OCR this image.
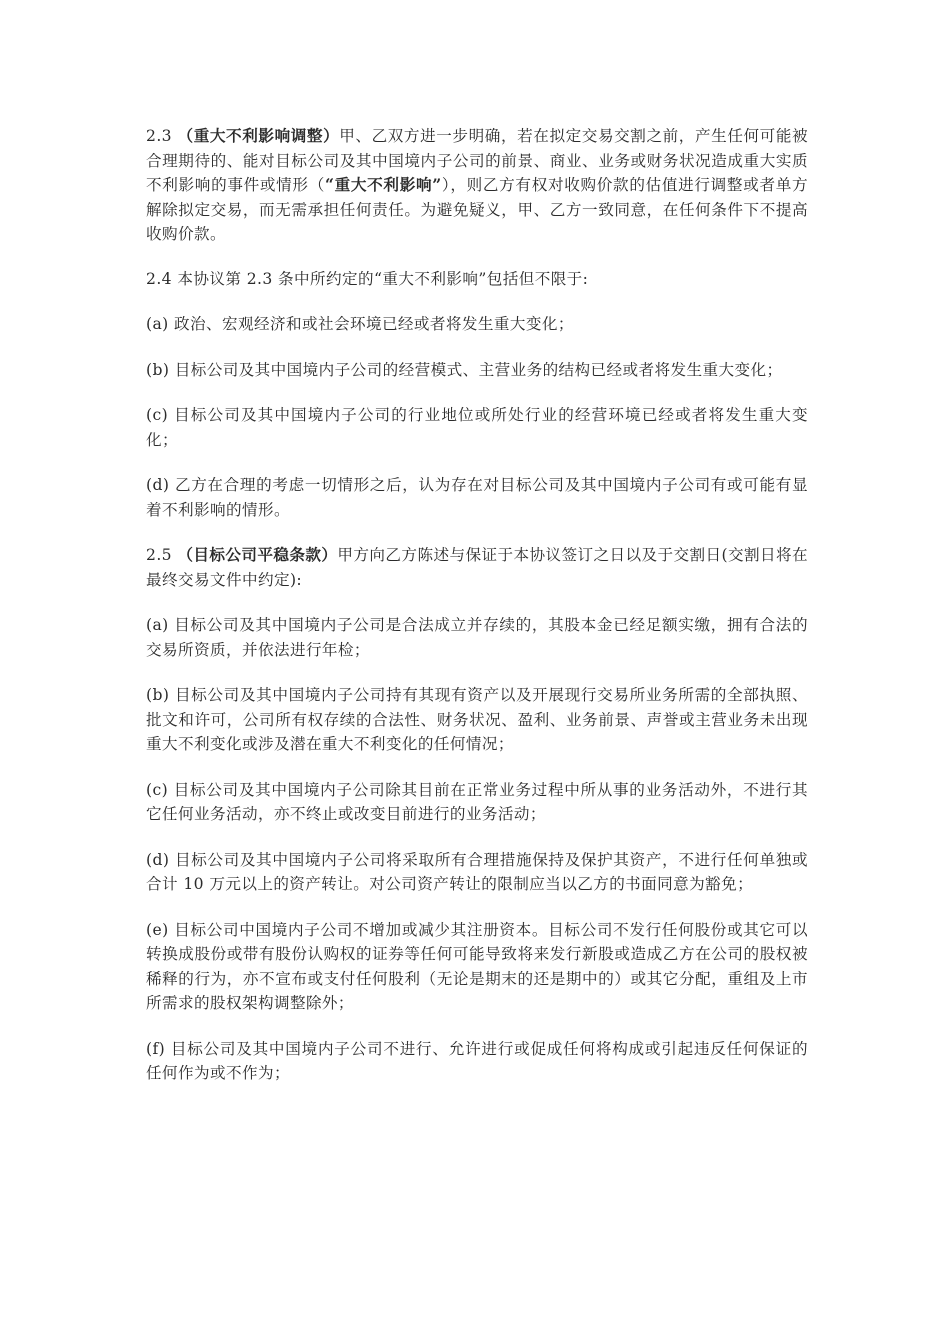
2.3 （重大不利影响调整）甲、乙双方进一步明确，若在拟定交易交割之前，产生任何可能被合理期待的、能对目标公司及其中国境内子公司的前景、商业、业务或财务状况造成重大实质不利影响的事件或情形（“重大不利影响”），则乙方有权对收购价款的估值进行调整或者单方解除拟定交易，而无需承担任何责任。为避免疑义，甲、乙方一致同意，在任何条件下不提高收购价款。

2.4 本协议第 2.3 条中所约定的“重大不利影响”包括但不限于:

(a) 政治、宏观经济和或社会环境已经或者将发生重大变化；

(b) 目标公司及其中国境内子公司的经营模式、主营业务的结构已经或者将发生重大变化；

(c) 目标公司及其中国境内子公司的行业地位或所处行业的经营环境已经或者将发生重大变化；

(d) 乙方在合理的考虑一切情形之后，认为存在对目标公司及其中国境内子公司有或可能有显着不利影响的情形。

2.5 （目标公司平稳条款）甲方向乙方陈述与保证于本协议签订之日以及于交割日(交割日将在最终交易文件中约定):

(a) 目标公司及其中国境内子公司是合法成立并存续的，其股本金已经足额实缴，拥有合法的交易所资质，并依法进行年检；

(b) 目标公司及其中国境内子公司持有其现有资产以及开展现行交易所业务所需的全部执照、批文和许可，公司所有权存续的合法性、财务状况、盈利、业务前景、声誉或主营业务未出现重大不利变化或涉及潜在重大不利变化的任何情况；

(c) 目标公司及其中国境内子公司除其目前在正常业务过程中所从事的业务活动外，不进行其它任何业务活动，亦不终止或改变目前进行的业务活动；

(d) 目标公司及其中国境内子公司将采取所有合理措施保持及保护其资产，不进行任何单独或合计 10 万元以上的资产转让。对公司资产转让的限制应当以乙方的书面同意为豁免；

(e) 目标公司中国境内子公司不增加或减少其注册资本。目标公司不发行任何股份或其它可以转换成股份或带有股份认购权的证券等任何可能导致将来发行新股或造成乙方在公司的股权被稀释的行为，亦不宣布或支付任何股利（无论是期末的还是期中的）或其它分配，重组及上市所需求的股权架构调整除外；

(f) 目标公司及其中国境内子公司不进行、允许进行或促成任何将构成或引起违反任何保证的任何作为或不作为；
